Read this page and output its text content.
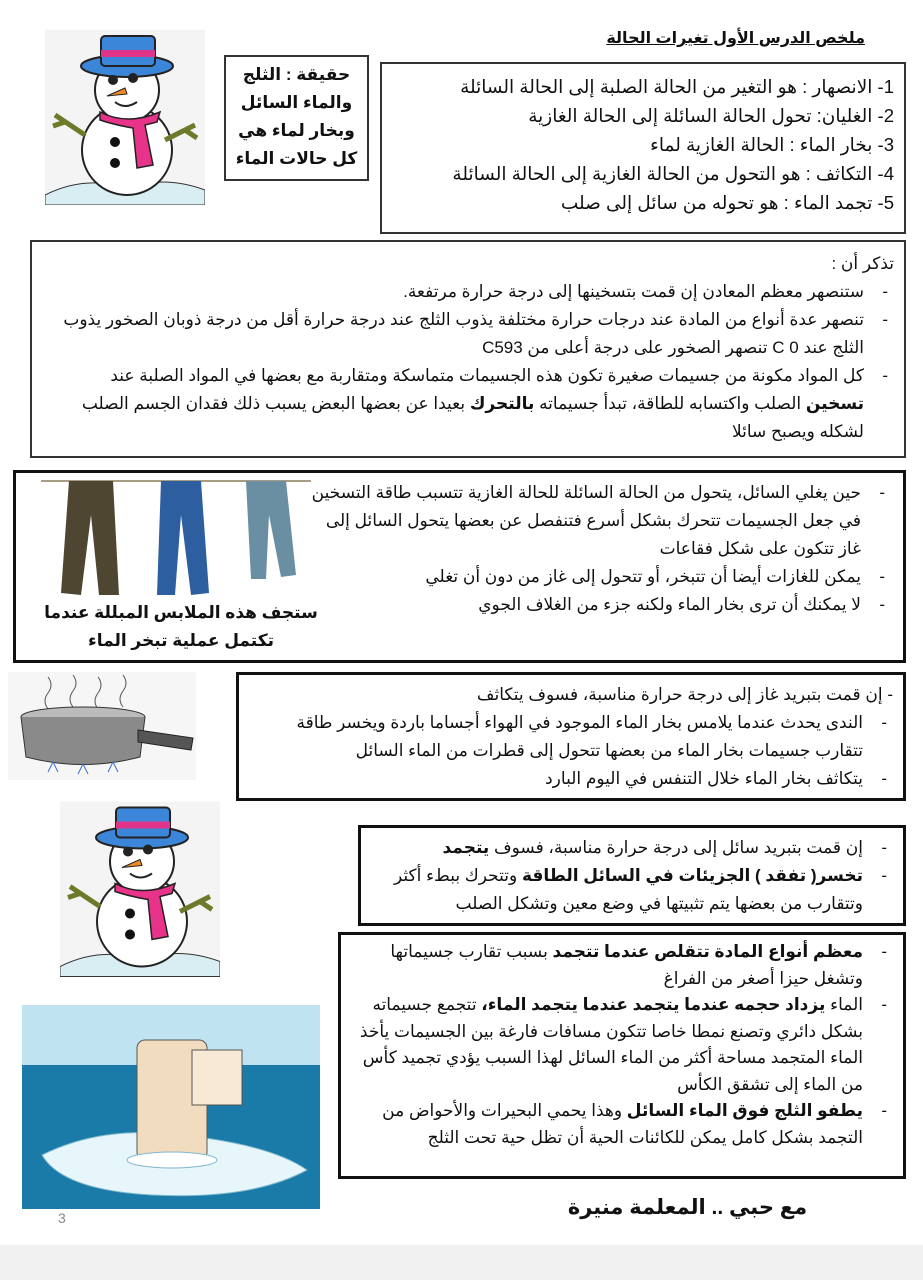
ملخص الدرس الأول تغيرات الحالة
حقيقة : الثلج
والماء السائل
وبخار لماء هي
كل حالات الماء
1- الانصهار : هو التغير من الحالة الصلبة إلى الحالة السائلة
2- الغليان: تحول الحالة السائلة إلى الحالة الغازية
3- بخار الماء : الحالة الغازية لماء
4- التكاثف : هو التحول من الحالة الغازية إلى الحالة السائلة
5- تجمد الماء : هو تحوله من سائل إلى صلب
تذكر أن :
- ستنصهر معظم المعادن إن قمت بتسخينها إلى درجة حرارة مرتفعة.
- تنصهر عدة أنواع من المادة عند درجات حرارة مختلفة يذوب الثلج عند درجة حرارة أقل من درجة ذوبان الصخور يذوب الثلج عند C 0 تنصهر الصخور على درجة أعلى من C593
- كل المواد مكونة من جسيمات صغيرة تكون هذه الجسيمات متماسكة ومتقاربة مع بعضها في المواد الصلبة عند تسخين الصلب واكتسابه للطاقة، تبدأ جسيماته بالتحرك بعيدا عن بعضها البعض يسبب ذلك فقدان الجسم الصلب لشكله ويصبح سائلا
- حين يغلي السائل، يتحول من الحالة السائلة للحالة الغازية تتسبب طاقة التسخين في جعل الجسيمات تتحرك بشكل أسرع فتنفصل عن بعضها يتحول السائل إلى غاز تتكون على شكل فقاعات
- يمكن للغازات أيضا أن تتبخر، أو تتحول إلى غاز من دون أن تغلي
- لا يمكنك أن ترى بخار الماء ولكنه جزء من الغلاف الجوي
ستجف هذه الملابس المبللة عندما
تكتمل عملية تبخر الماء
- إن قمت بتبريد غاز إلى درجة حرارة مناسبة، فسوف يتكاثف
- الندى يحدث عندما يلامس بخار الماء الموجود في الهواء أجساما باردة ويخسر طاقة تتقارب جسيمات بخار الماء من بعضها تتحول إلى قطرات من الماء السائل
- يتكاثف بخار الماء خلال التنفس في اليوم البارد
- إن قمت بتبريد سائل إلى درجة حرارة مناسبة، فسوف يتجمد
- تخسر( تفقد ) الجزيئات في السائل الطاقة وتتحرك ببطء أكثر وتتقارب من بعضها يتم تثبيتها في وضع معين وتشكل الصلب
- معظم أنواع المادة تتقلص عندما تتجمد بسبب تقارب جسيماتها وتشغل حيزا أصغر من الفراغ
- الماء يزداد حجمه عندما يتجمد عندما يتجمد الماء، تتجمع جسيماته بشكل دائري وتصنع نمطا خاصا تتكون مسافات فارغة بين الجسيمات يأخذ الماء المتجمد مساحة أكثر من الماء السائل لهذا السبب يؤدي تجميد كأس من الماء إلى تشقق الكأس
- يطفو الثلج فوق الماء السائل وهذا يحمي البحيرات والأحواض من التجمد بشكل كامل يمكن للكائنات الحية أن تظل حية تحت الثلج
مع حبي .. المعلمة منيرة
3
